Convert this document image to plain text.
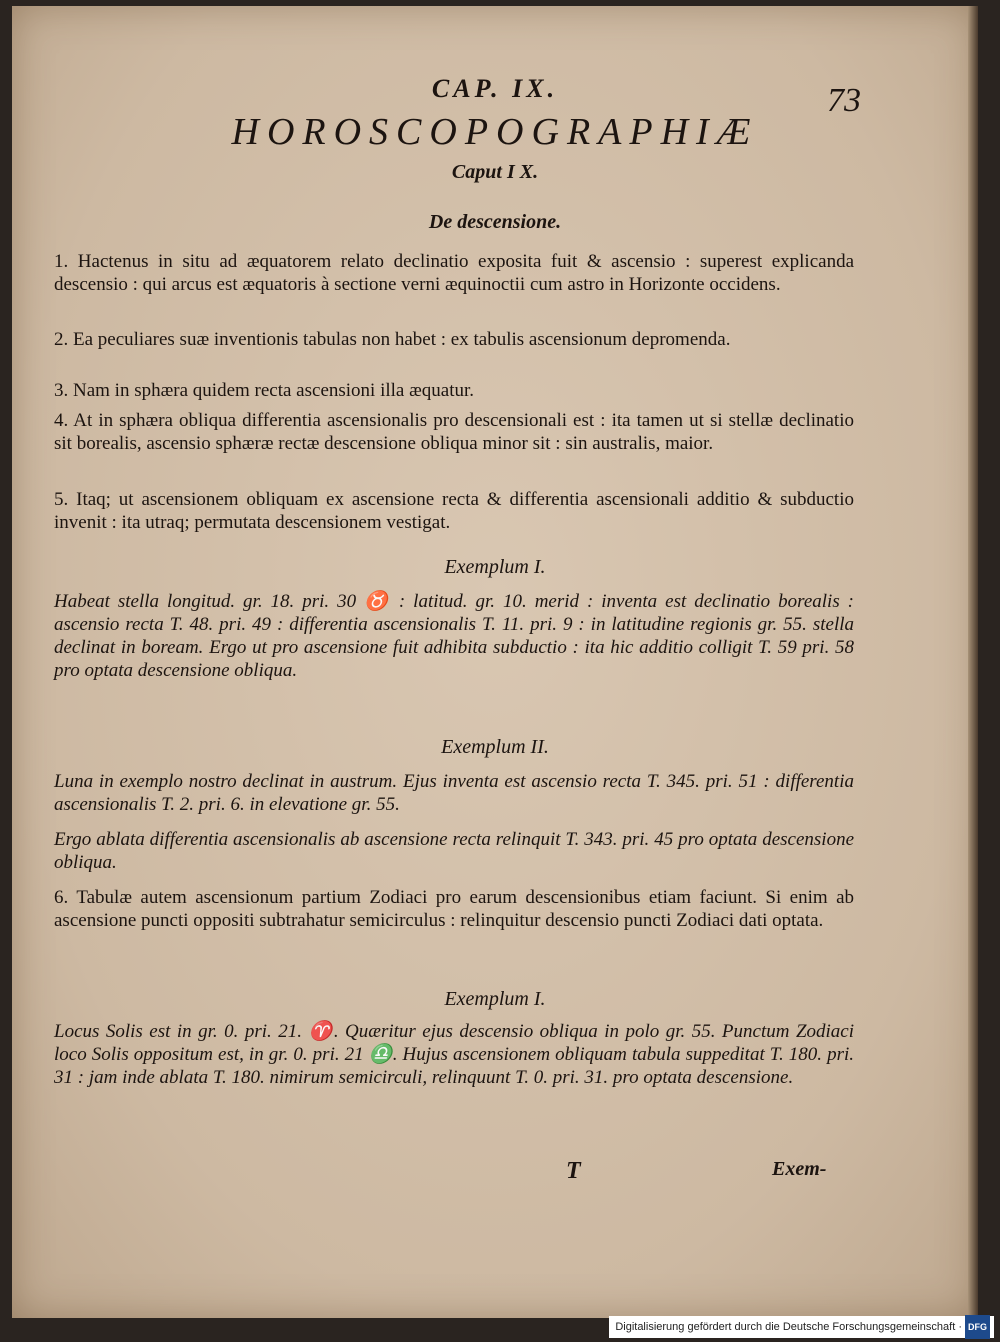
73
CAP. IX.
HOROSCOPOGRAPHIÆ
Caput I X.
De descensione.

1. Hactenus in situ ad æquatorem relato declinatio exposita fuit & ascensio : superest explicanda descensio : qui arcus est æquatoris à sectione verni æquinoctii cum astro in Horizonte occidens.

2. Ea peculiares suæ inventionis tabulas non habet : ex tabulis ascensionum depromenda.

3. Nam in sphæra quidem recta ascensioni illa æquatur.

4. At in sphæra obliqua differentia ascensionalis pro descensionali est : ita tamen ut si stellæ declinatio sit borealis, ascensio sphæræ rectæ descensione obliqua minor sit : sin australis, maior.

5. Itaq; ut ascensionem obliquam ex ascensione recta & differentia ascensionali additio & subductio invenit : ita utraq; permutata descensionem vestigat.

Exemplum I.

Habeat stella longitud. gr. 18. pri. 30 ♉ : latitud. gr. 10. merid : inventa est declinatio borealis : ascensio recta T. 48. pri. 49 : differentia ascensionalis T. 11. pri. 9 : in latitudine regionis gr. 55. stella declinat in boream. Ergo ut pro ascensione fuit adhibita subductio : ita hic additio colligit T. 59 pri. 58 pro optata descensione obliqua.

Exemplum II.

Luna in exemplo nostro declinat in austrum. Ejus inventa est ascensio recta T. 345. pri. 51 : differentia ascensionalis T. 2. pri. 6. in elevatione gr. 55.

Ergo ablata differentia ascensionalis ab ascensione recta relinquit T. 343. pri. 45 pro optata descensione obliqua.

6. Tabulæ autem ascensionum partium Zodiaci pro earum descensionibus etiam faciunt. Si enim ab ascensione puncti oppositi subtrahatur semicirculus : relinquitur descensio puncti Zodiaci dati optata.

Exemplum I.

Locus Solis est in gr. 0. pri. 21. ♈. Quæritur ejus descensio obliqua in polo gr. 55. Punctum Zodiaci loco Solis oppositum est, in gr. 0. pri. 21 ♎. Hujus ascensionem obliquam tabula suppeditat T. 180. pri. 31 : jam inde ablata T. 180. nimirum semicirculi, relinquunt T. 0. pri. 31. pro optata descensione.

T	Exem-
Digitalisierung gefördert durch die Deutsche Forschungsgemeinschaft · DFG
